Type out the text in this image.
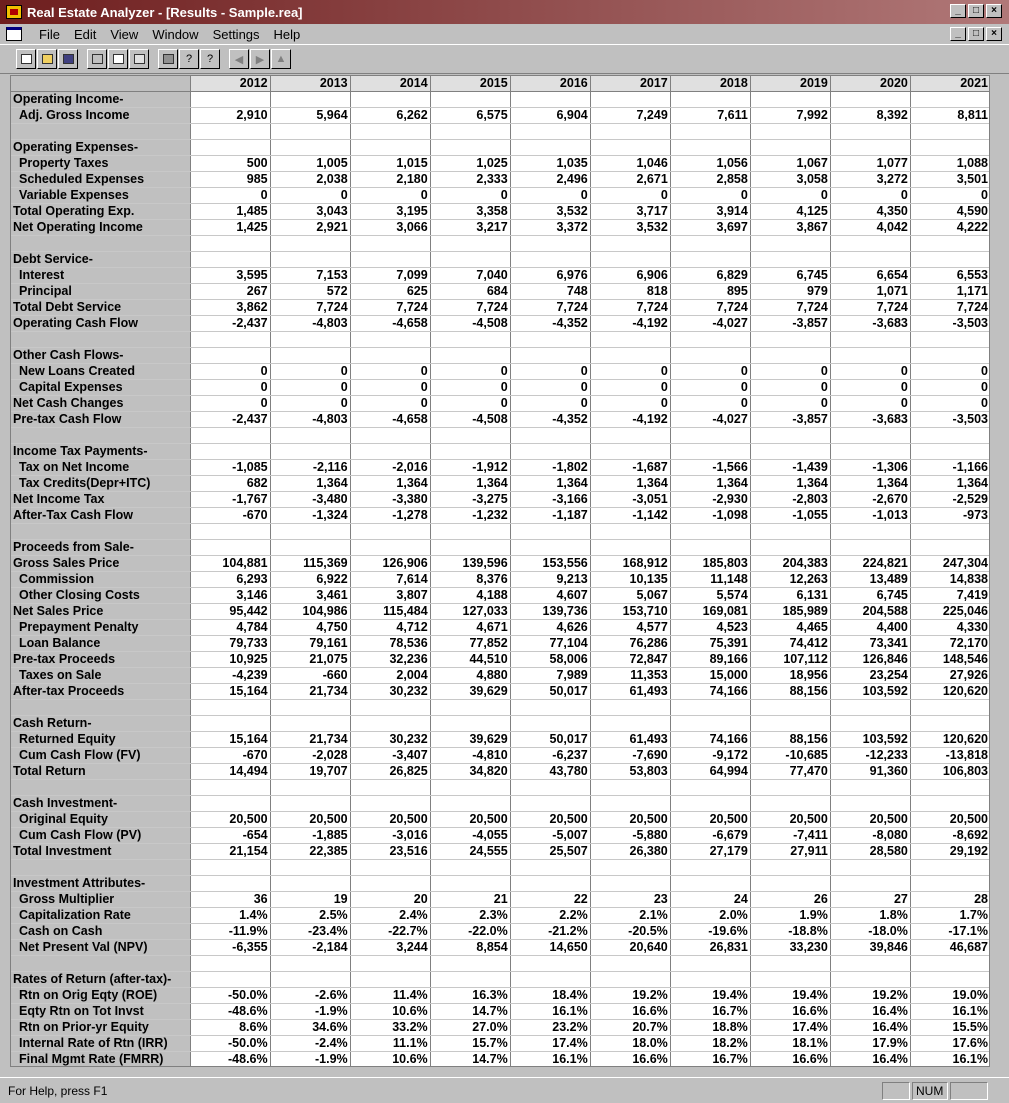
Real Estate Analyzer - [Results - Sample.rea]	_	□	×
File	Edit	View	Window	Settings	Help	_	□	×
?	?	◀	▶	▲
	2012	2013	2014	2015	2016	2017	2018	2019	2020	2021
Operating Income-										
Adj. Gross Income	2,910	5,964	6,262	6,575	6,904	7,249	7,611	7,992	8,392	8,811

Operating Expenses-										
Property Taxes	500	1,005	1,015	1,025	1,035	1,046	1,056	1,067	1,077	1,088
Scheduled Expenses	985	2,038	2,180	2,333	2,496	2,671	2,858	3,058	3,272	3,501
Variable Expenses	0	0	0	0	0	0	0	0	0	0
Total Operating Exp.	1,485	3,043	3,195	3,358	3,532	3,717	3,914	4,125	4,350	4,590
Net Operating Income	1,425	2,921	3,066	3,217	3,372	3,532	3,697	3,867	4,042	4,222

Debt Service-										
Interest	3,595	7,153	7,099	7,040	6,976	6,906	6,829	6,745	6,654	6,553
Principal	267	572	625	684	748	818	895	979	1,071	1,171
Total Debt Service	3,862	7,724	7,724	7,724	7,724	7,724	7,724	7,724	7,724	7,724
Operating Cash Flow	-2,437	-4,803	-4,658	-4,508	-4,352	-4,192	-4,027	-3,857	-3,683	-3,503

Other Cash Flows-										
New Loans Created	0	0	0	0	0	0	0	0	0	0
Capital Expenses	0	0	0	0	0	0	0	0	0	0
Net Cash Changes	0	0	0	0	0	0	0	0	0	0
Pre-tax Cash Flow	-2,437	-4,803	-4,658	-4,508	-4,352	-4,192	-4,027	-3,857	-3,683	-3,503

Income Tax Payments-										
Tax on Net Income	-1,085	-2,116	-2,016	-1,912	-1,802	-1,687	-1,566	-1,439	-1,306	-1,166
Tax Credits(Depr+ITC)	682	1,364	1,364	1,364	1,364	1,364	1,364	1,364	1,364	1,364
Net Income Tax	-1,767	-3,480	-3,380	-3,275	-3,166	-3,051	-2,930	-2,803	-2,670	-2,529
After-Tax Cash Flow	-670	-1,324	-1,278	-1,232	-1,187	-1,142	-1,098	-1,055	-1,013	-973

Proceeds from Sale-										
Gross Sales Price	104,881	115,369	126,906	139,596	153,556	168,912	185,803	204,383	224,821	247,304
Commission	6,293	6,922	7,614	8,376	9,213	10,135	11,148	12,263	13,489	14,838
Other Closing Costs	3,146	3,461	3,807	4,188	4,607	5,067	5,574	6,131	6,745	7,419
Net Sales Price	95,442	104,986	115,484	127,033	139,736	153,710	169,081	185,989	204,588	225,046
Prepayment Penalty	4,784	4,750	4,712	4,671	4,626	4,577	4,523	4,465	4,400	4,330
Loan Balance	79,733	79,161	78,536	77,852	77,104	76,286	75,391	74,412	73,341	72,170
Pre-tax Proceeds	10,925	21,075	32,236	44,510	58,006	72,847	89,166	107,112	126,846	148,546
Taxes on Sale	-4,239	-660	2,004	4,880	7,989	11,353	15,000	18,956	23,254	27,926
After-tax Proceeds	15,164	21,734	30,232	39,629	50,017	61,493	74,166	88,156	103,592	120,620

Cash Return-										
Returned Equity	15,164	21,734	30,232	39,629	50,017	61,493	74,166	88,156	103,592	120,620
Cum Cash Flow (FV)	-670	-2,028	-3,407	-4,810	-6,237	-7,690	-9,172	-10,685	-12,233	-13,818
Total Return	14,494	19,707	26,825	34,820	43,780	53,803	64,994	77,470	91,360	106,803

Cash Investment-										
Original Equity	20,500	20,500	20,500	20,500	20,500	20,500	20,500	20,500	20,500	20,500
Cum Cash Flow (PV)	-654	-1,885	-3,016	-4,055	-5,007	-5,880	-6,679	-7,411	-8,080	-8,692
Total Investment	21,154	22,385	23,516	24,555	25,507	26,380	27,179	27,911	28,580	29,192

Investment Attributes-										
Gross Multiplier	36	19	20	21	22	23	24	26	27	28
Capitalization Rate	1.4%	2.5%	2.4%	2.3%	2.2%	2.1%	2.0%	1.9%	1.8%	1.7%
Cash on Cash	-11.9%	-23.4%	-22.7%	-22.0%	-21.2%	-20.5%	-19.6%	-18.8%	-18.0%	-17.1%
Net Present Val (NPV)	-6,355	-2,184	3,244	8,854	14,650	20,640	26,831	33,230	39,846	46,687

Rates of Return (after-tax)-										
Rtn on Orig Eqty (ROE)	-50.0%	-2.6%	11.4%	16.3%	18.4%	19.2%	19.4%	19.4%	19.2%	19.0%
Eqty Rtn on Tot Invst	-48.6%	-1.9%	10.6%	14.7%	16.1%	16.6%	16.7%	16.6%	16.4%	16.1%
Rtn on Prior-yr Equity	8.6%	34.6%	33.2%	27.0%	23.2%	20.7%	18.8%	17.4%	16.4%	15.5%
Internal Rate of Rtn (IRR)	-50.0%	-2.4%	11.1%	15.7%	17.4%	18.0%	18.2%	18.1%	17.9%	17.6%
Final Mgmt Rate (FMRR)	-48.6%	-1.9%	10.6%	14.7%	16.1%	16.6%	16.7%	16.6%	16.4%	16.1%
For Help, press F1	NUM
